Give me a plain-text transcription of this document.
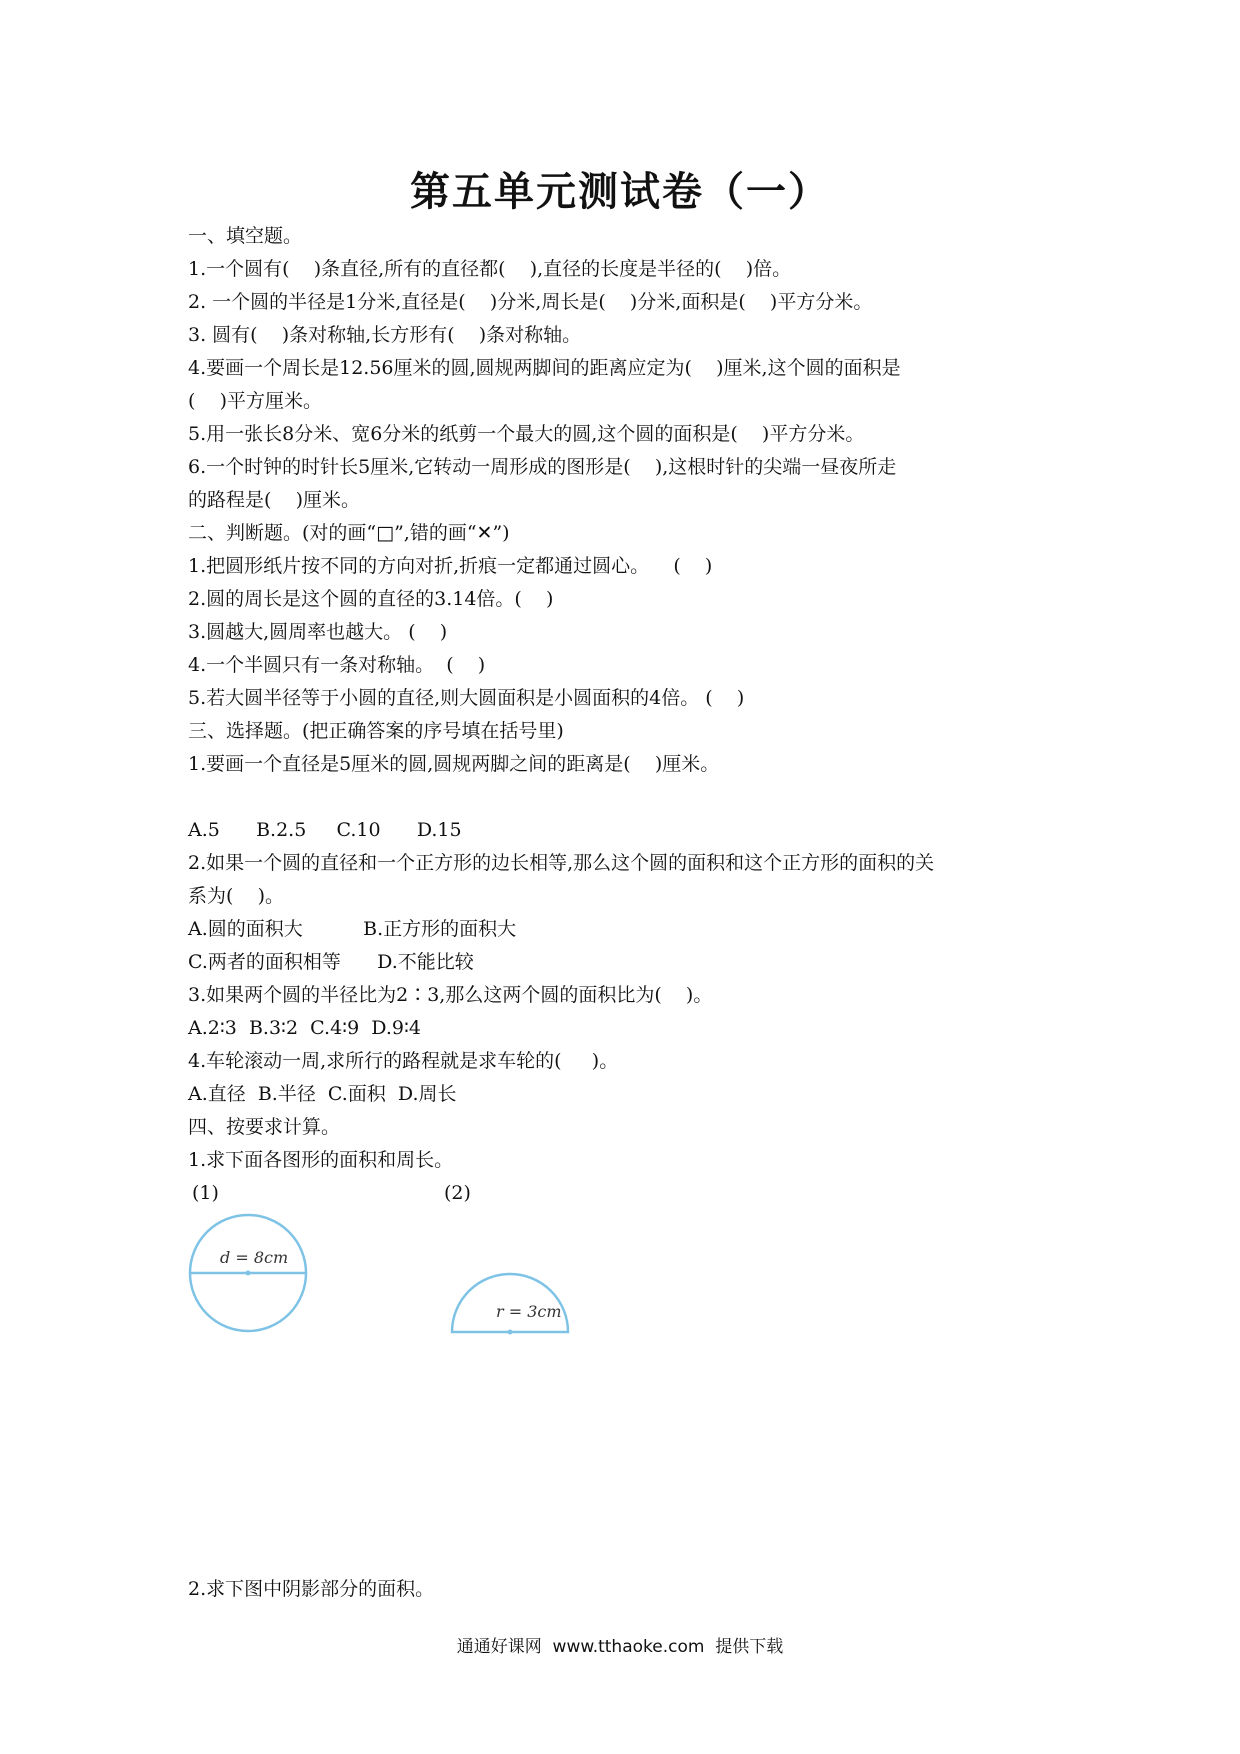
第五单元测试卷（一）
一、填空题。
1.一个圆有(    )条直径,所有的直径都(    ),直径的长度是半径的(    )倍。
2. 一个圆的半径是1分米,直径是(    )分米,周长是(    )分米,面积是(    )平方分米。
3. 圆有(    )条对称轴,长方形有(    )条对称轴。
4.要画一个周长是12.56厘米的圆,圆规两脚间的距离应定为(    )厘米,这个圆的面积是
(    )平方厘米。
5.用一张长8分米、宽6分米的纸剪一个最大的圆,这个圆的面积是(    )平方分米。
6.一个时钟的时针长5厘米,它转动一周形成的图形是(    ),这根时针的尖端一昼夜所走
的路程是(    )厘米。
二、判断题。(对的画“□”,错的画“✕”)
1.把圆形纸片按不同的方向对折,折痕一定都通过圆心。    (    )
2.圆的周长是这个圆的直径的3.14倍。(    )
3.圆越大,圆周率也越大。 (    )
4.一个半圆只有一条对称轴。  (    )
5.若大圆半径等于小圆的直径,则大圆面积是小圆面积的4倍。 (    )
三、选择题。(把正确答案的序号填在括号里)
1.要画一个直径是5厘米的圆,圆规两脚之间的距离是(    )厘米。
A.5      B.2.5     C.10      D.15
2.如果一个圆的直径和一个正方形的边长相等,那么这个圆的面积和这个正方形的面积的关
系为(    )。
A.圆的面积大          B.正方形的面积大
C.两者的面积相等      D.不能比较
3.如果两个圆的半径比为2∶3,那么这两个圆的面积比为(    )。
A.2∶3  B.3∶2  C.4∶9  D.9∶4
4.车轮滚动一周,求所行的路程就是求车轮的(     )。
A.直径  B.半径  C.面积  D.周长
四、按要求计算。
1.求下面各图形的面积和周长。
(1)	(2)
d = 8cm
r = 3cm
2.求下图中阴影部分的面积。
通通好课网  www.tthaoke.com  提供下载
